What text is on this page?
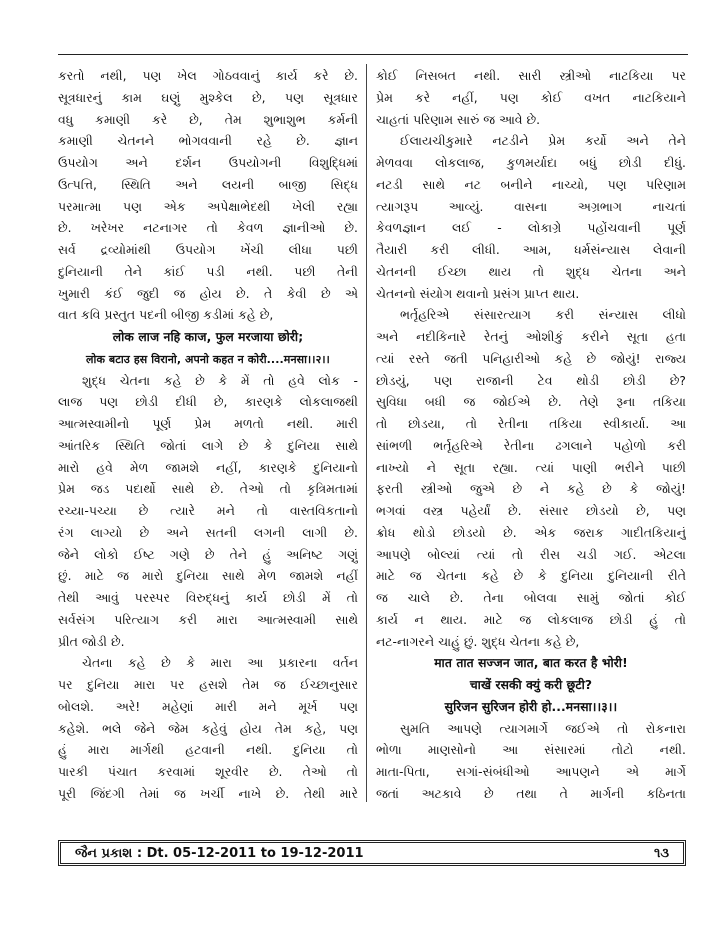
કરતો નથી, પણ ખેલ ગોઠવવાનું કાર્ય કરે છે.
સૂત્રધારનું કામ ઘણું મુશ્કેલ છે, પણ સૂત્રધાર
વધુ કમાણી કરે છે, તેમ શુભાશુભ કર્મની
કમાણી ચેતનને ભોગવવાની રહે છે. જ્ઞાન
ઉપયોગ અને દર્શન ઉપયોગની વિશુદ્ધિમાં
ઉત્પત્તિ, સ્થિતિ અને લયની બાજી સિદ્ધ
પરમાત્મા પણ એક અપેક્ષાભેદથી ખેલી રહ્યા
છે. ખરેખર નટનાગર તો કેવળ જ્ઞાનીઓ છે.
સર્વ દ્રવ્યોમાંથી ઉપયોગ ખેંચી લીધા પછી
દુનિયાની તેને કાંઈ પડી નથી. પછી તેની
ખુમારી કંઈ જુદી જ હોય છે. તે કેવી છે એ
વાત કવિ પ્રસ્તુત પદની બીજી કડીમાં કહે છે,
लोक लाज नहि काज, फुल मरजाया छोरी;
लोक बटाउ हस विरानो, अपनो कहत न कोरी....मनसा।।२।।
શુદ્ધ ચેતના કહે છે કે મેં તો હવે લોક -
લાજ પણ છોડી દીધી છે, કારણકે લોકલાજથી
આત્મસ્વામીનો પૂર્ણ પ્રેમ મળતો નથી. મારી
આંતરિક સ્થિતિ જોતાં લાગે છે કે દુનિયા સાથે
મારો હવે મેળ જામશે નહીં, કારણકે દુનિયાનો
પ્રેમ જડ પદાર્થો સાથે છે. તેઓ તો કૃત્રિમતામાં
રચ્યા-પચ્યા છે ત્યારે મને તો વાસ્તવિકતાનો
રંગ લાગ્યો છે અને સતની લગની લાગી છે.
જેને લોકો ઈષ્ટ ગણે છે તેને હું અનિષ્ટ ગણું
છું. માટે જ મારો દુનિયા સાથે મેળ જામશે નહીં
તેથી આવું પરસ્પર વિરુદ્ધનું કાર્ય છોડી મેં તો
સર્વસંગ પરિત્યાગ કરી મારા આત્મસ્વામી સાથે
પ્રીત જોડી છે.
ચેતના કહે છે કે મારા આ પ્રકારના વર્તન
પર દુનિયા મારા પર હસશે તેમ જ ઈચ્છાનુસાર
બોલશે. અરે! મહેણાં મારી મને મૂર્ખ પણ
કહેશે. ભલે જેને જેમ કહેવું હોય તેમ કહે, પણ
હું મારા માર્ગથી હટવાની નથી. દુનિયા તો
પારકી પંચાત કરવામાં શૂરવીર છે. તેઓ તો
પૂરી જિંદગી તેમાં જ ખર્ચી નાખે છે. તેથી મારે
કોઈ નિસબત નથી. સારી સ્ત્રીઓ નાટકિયા પર
પ્રેમ કરે નહીં, પણ કોઈ વખત નાટકિયાને
ચાહતાં પરિણામ સારું જ આવે છે.
ઈલાયચીકુમારે નટડીને પ્રેમ કર્યો અને તેને
મેળવવા લોકલાજ, કુળમર્યાદા બધું છોડી દીધું.
નટડી સાથે નટ બનીને નાચ્યો, પણ પરિણામ
ત્યાગરૂપ આવ્યું. વાસના અગ્રભાગ નાચતાં
કેવળજ્ઞાન લઈ - લોકાગ્રે પહોંચવાની પૂર્ણ
તૈયારી કરી લીધી. આમ, ધર્મસંન્યાસ લેવાની
ચેતનની ઈચ્છા થાય તો શુદ્ધ ચેતના અને
ચેતનનો સંયોગ થવાનો પ્રસંગ પ્રાપ્ત થાય.
ભર્તૃહરિએ સંસારત્યાગ કરી સંન્યાસ લીધો
અને નદીકિનારે રેતનું ઓશીકું કરીને સૂતા હતા
ત્યાં રસ્તે જતી પનિહારીઓ કહે છે જોયું! રાજ્ય
છોડયું, પણ રાજાની ટેવ થોડી છોડી છે?
સુવિધા બધી જ જોઈએ છે. તેણે રૂના તકિયા
તો છોડયા, તો રેતીના તકિયા સ્વીકાર્યા. આ
સાંભળી ભર્તૃહરિએ રેતીના ઢગલાને પહોળો કરી
નાખ્યો ને સૂતા રહ્યા. ત્યાં પાણી ભરીને પાછી
ફરતી સ્ત્રીઓ જુએ છે ને કહે છે કે જોયું!
ભગવાં વસ્ત્ર પહેર્યાં છે. સંસાર છોડયો છે, પણ
ક્રોધ થોડો છોડયો છે. એક જરાક ગાદીતકિયાનું
આપણે બોલ્યાં ત્યાં તો રીસ ચડી ગઈ. એટલા
માટે જ ચેતના કહે છે કે દુનિયા દુનિયાની રીતે
જ ચાલે છે. તેના બોલવા સામું જોતાં કોઈ
કાર્ય ન થાય. માટે જ લોકલાજ છોડી હું તો
નટ-નાગરને ચાહું છું. શુદ્ધ ચેતના કહે છે,
मात तात सज्जन जात, बात करत है भोरी!
चाखें रसकी क्युं करी छूटी?
सुरिजन सुरिजन होरी हो...मनसा।।३।।
સુમતિ આપણે ત્યાગમાર્ગે જઈએ તો રોકનારા
ભોળા માણસોનો આ સંસારમાં તોટો નથી.
માતા-પિતા, સગાં-સંબંધીઓ આપણને એ માર્ગે
જતાં અટકાવે છે તથા તે માર્ગની કઠિનતા
જૈન પ્રકાશ : Dt. 05-12-2011 to 19-12-2011	૧૩
